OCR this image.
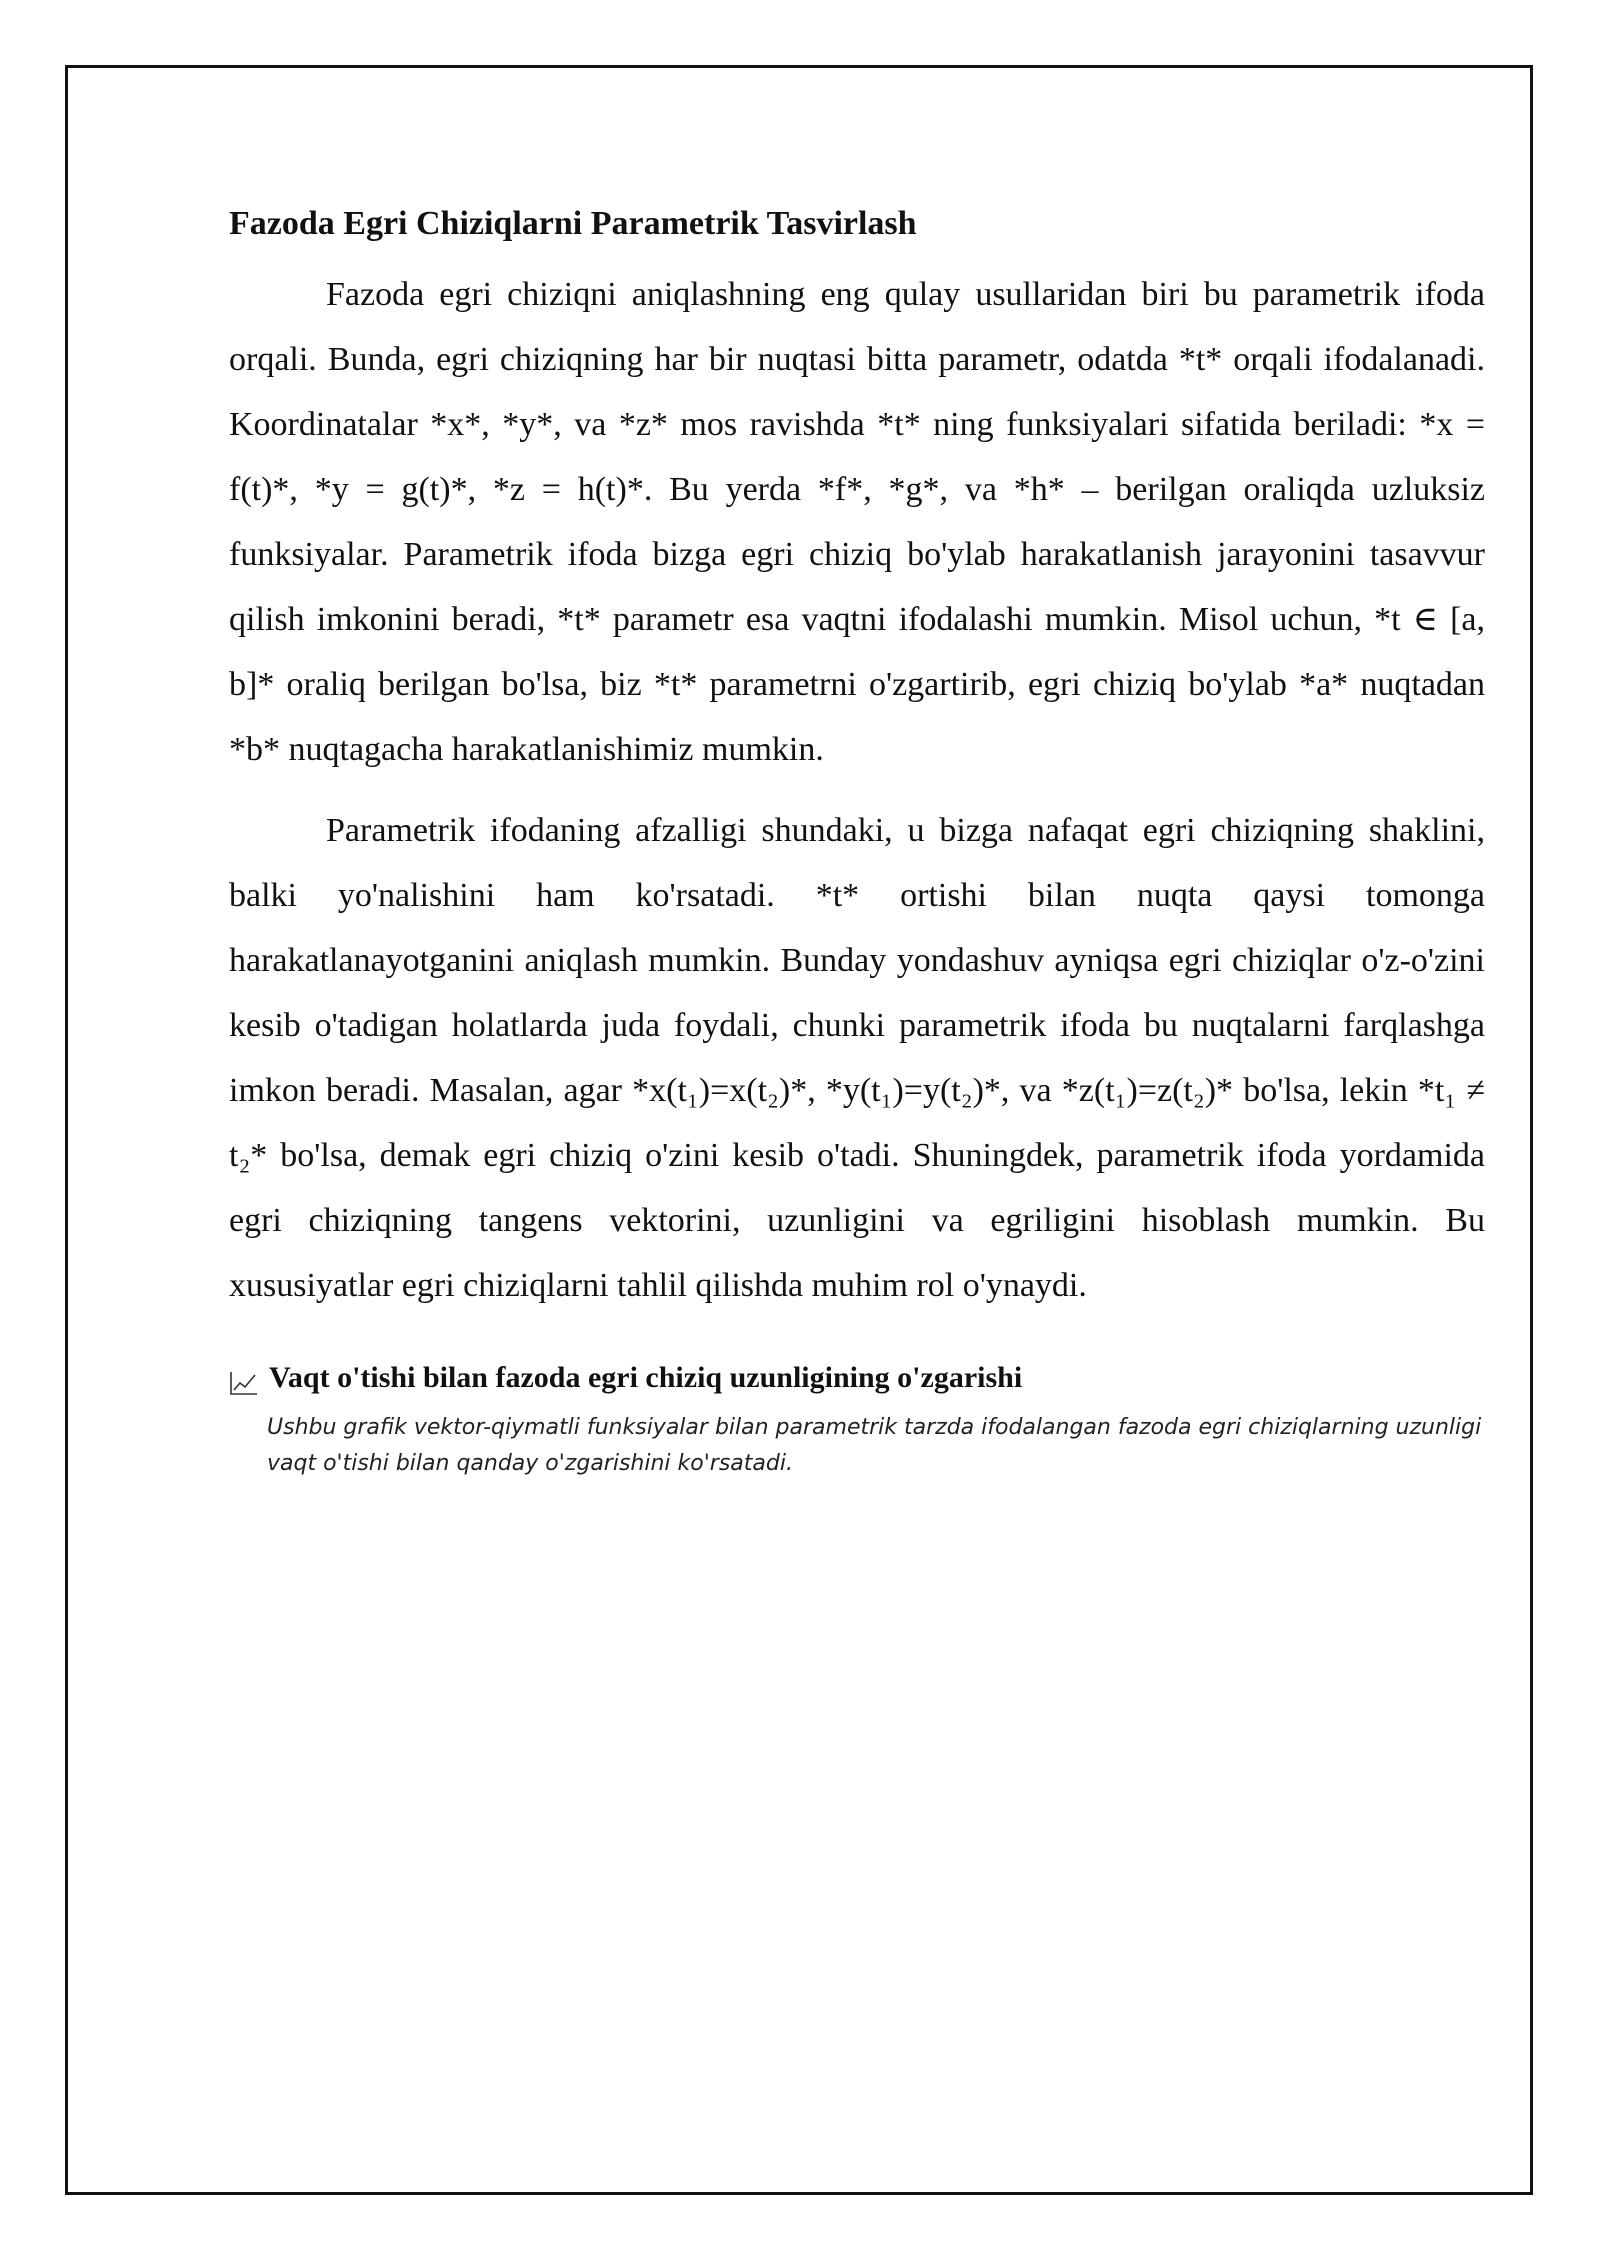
Fazoda Egri Chiziqlarni Parametrik Tasvirlash

Fazoda egri chiziqni aniqlashning eng qulay usullaridan biri bu parametrik ifoda orqali. Bunda, egri chiziqning har bir nuqtasi bitta parametr, odatda *t* orqali ifodalanadi. Koordinatalar *x*, *y*, va *z* mos ravishda *t* ning funksiyalari sifatida beriladi: *x = f(t)*, *y = g(t)*, *z = h(t)*. Bu yerda *f*, *g*, va *h* – berilgan oraliqda uzluksiz funksiyalar. Parametrik ifoda bizga egri chiziq bo'ylab harakatlanish jarayonini tasavvur qilish imkonini beradi, *t* parametr esa vaqtni ifodalashi mumkin. Misol uchun, *t ∈ [a, b]* oraliq berilgan bo'lsa, biz *t* parametrni o'zgartirib, egri chiziq bo'ylab *a* nuqtadan *b* nuqtagacha harakatlanishimiz mumkin.

Parametrik ifodaning afzalligi shundaki, u bizga nafaqat egri chiziqning shaklini, balki yo'nalishini ham ko'rsatadi. *t* ortishi bilan nuqta qaysi tomonga harakatlanayotganini aniqlash mumkin. Bunday yondashuv ayniqsa egri chiziqlar o'z-o'zini kesib o'tadigan holatlarda juda foydali, chunki parametrik ifoda bu nuqtalarni farqlashga imkon beradi. Masalan, agar *x(t₁)=x(t₂)*, *y(t₁)=y(t₂)*, va *z(t₁)=z(t₂)* bo'lsa, lekin *t₁ ≠ t₂* bo'lsa, demak egri chiziq o'zini kesib o'tadi. Shuningdek, parametrik ifoda yordamida egri chiziqning tangens vektorini, uzunligini va egriligini hisoblash mumkin. Bu xususiyatlar egri chiziqlarni tahlil qilishda muhim rol o'ynaydi.

Vaqt o'tishi bilan fazoda egri chiziq uzunligining o'zgarishi
Ushbu grafik vektor-qiymatli funksiyalar bilan parametrik tarzda ifodalangan fazoda egri chiziqlarning uzunligi vaqt o'tishi bilan qanday o'zgarishini ko'rsatadi.
